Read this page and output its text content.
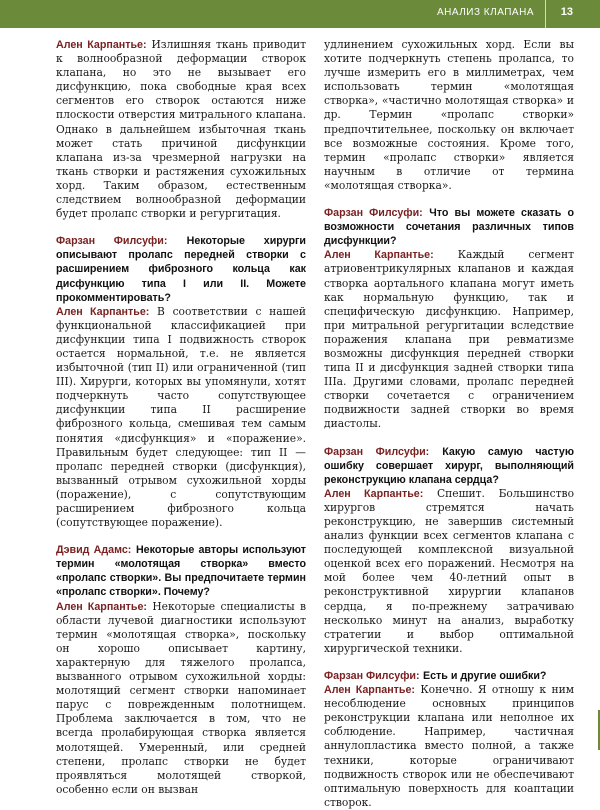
АНАЛИЗ КЛАПАНА 13

Ален Карпантье: Излишняя ткань приводит к волнообразной деформации створок клапана, но это не вызывает его дисфункцию, пока свободные края всех сегментов его створок остаются ниже плоскости отверстия митрального клапана. Однако в дальнейшем избыточная ткань может стать причиной дисфункции клапана из-за чрезмерной нагрузки на ткань створки и растяжения сухожильных хорд. Таким образом, естественным следствием волнообразной деформации будет пролапс створки и регургитация.

Фарзан Филсуфи: Некоторые хирурги описывают пролапс передней створки с расширением фиброзного кольца как дисфункцию типа I или II. Можете прокомментировать?

Ален Карпантье: В соответствии с нашей функциональной классификацией при дисфункции типа I подвижность створок остается нормальной, т.е. не является избыточной (тип II) или ограниченной (тип III). Хирурги, которых вы упомянули, хотят подчеркнуть часто сопутствующее дисфункции типа II расширение фиброзного кольца, смешивая тем самым понятия «дисфункция» и «поражение». Правильным будет следующее: тип II — пролапс передней створки (дисфункция), вызванный отрывом сухожильной хорды (поражение), с сопутствующим расширением фиброзного кольца (сопутствующее поражение).

Дэвид Адамс: Некоторые авторы используют термин «молотящая створка» вместо «пролапс створки». Вы предпочитаете термин «пролапс створки». Почему?

Ален Карпантье: Некоторые специалисты в области лучевой диагностики используют термин «молотящая створка», поскольку он хорошо описывает картину, характерную для тяжелого пролапса, вызванного отрывом сухожильной хорды: молотящий сегмент створки напоминает парус с поврежденным полотнищем. Проблема заключается в том, что не всегда пролабирующая створка является молотящей. Умеренный, или средней степени, пролапс створки не будет проявляться молотящей створкой, особенно если он вызван

удлинением сухожильных хорд. Если вы хотите подчеркнуть степень пролапса, то лучше измерить его в миллиметрах, чем использовать термин «молотящая створка», «частично молотящая створка» и др. Термин «пролапс створки» предпочтительнее, поскольку он включает все возможные состояния. Кроме того, термин «пролапс створки» является научным в отличие от термина «молотящая створка».

Фарзан Филсуфи: Что вы можете сказать о возможности сочетания различных типов дисфункции?

Ален Карпантье: Каждый сегмент атриовентрикулярных клапанов и каждая створка аортального клапана могут иметь как нормальную функцию, так и специфическую дисфункцию. Например, при митральной регургитации вследствие поражения клапана при ревматизме возможны дисфункция передней створки типа II и дисфункция задней створки типа IIIa. Другими словами, пролапс передней створки сочетается с ограничением подвижности задней створки во время диастолы.

Фарзан Филсуфи: Какую самую частую ошибку совершает хирург, выполняющий реконструкцию клапана сердца?

Ален Карпантье: Спешит. Большинство хирургов стремятся начать реконструкцию, не завершив системный анализ функции всех сегментов клапана с последующей комплексной визуальной оценкой всех его поражений. Несмотря на мой более чем 40-летний опыт в реконструктивной хирургии клапанов сердца, я по-прежнему затрачиваю несколько минут на анализ, выработку стратегии и выбор оптимальной хирургической техники.

Фарзан Филсуфи: Есть и другие ошибки?

Ален Карпантье: Конечно. Я отношу к ним несоблюдение основных принципов реконструкции клапана или неполное их соблюдение. Например, частичная аннулопластика вместо полной, а также техники, которые ограничивают подвижность створок или не обеспечивают оптимальную поверхность для коаптации створок.
